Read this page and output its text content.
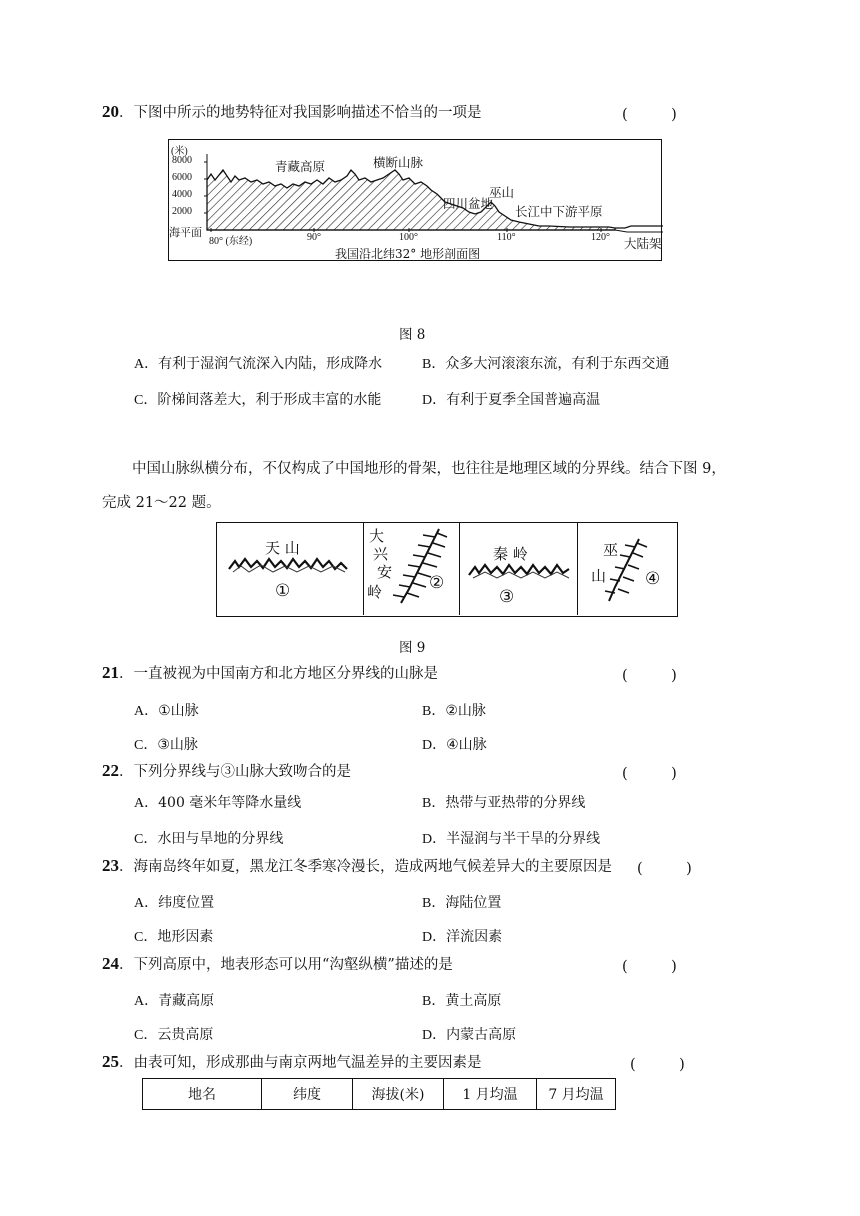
20．下图中所示的地势特征对我国影响描述不恰当的一项是	(　　　)
(米)
8000
6000
4000
2000
海平面
80° (东经)	90°	100°	110°	120°
青藏高原	横断山脉
四川盆地
巫山
长江中下游平原
大陆架
我国沿北纬32° 地形剖面图
图 8
A．有利于湿润气流深入内陆，形成降水	B．众多大河滚滚东流，有利于东西交通
C．阶梯间落差大，利于形成丰富的水能	D．有利于夏季全国普遍高温
中国山脉纵横分布，不仅构成了中国地形的骨架，也往往是地理区域的分界线。结合下图 9，
完成 21～22 题。
天 山
①
大
兴
安
岭	②
秦 岭
③
巫
山 ④
图 9
21．一直被视为中国南方和北方地区分界线的山脉是	(　　　)
A．①山脉	B．②山脉
C．③山脉	D．④山脉
22．下列分界线与③山脉大致吻合的是	(　　　)
A．400 毫米年等降水量线	B．热带与亚热带的分界线
C．水田与旱地的分界线	D．半湿润与半干旱的分界线
23．海南岛终年如夏，黑龙江冬季寒冷漫长，造成两地气候差异大的主要原因是 (　　　)
A．纬度位置	B．海陆位置
C．地形因素	D．洋流因素
24．下列高原中，地表形态可以用“沟壑纵横”描述的是	(　　　)
A．青藏高原	B．黄土高原
C．云贵高原	D．内蒙古高原
25．由表可知，形成那曲与南京两地气温差异的主要因素是	(　　　)
地名	纬度	海拔(米)	1 月均温	7 月均温
